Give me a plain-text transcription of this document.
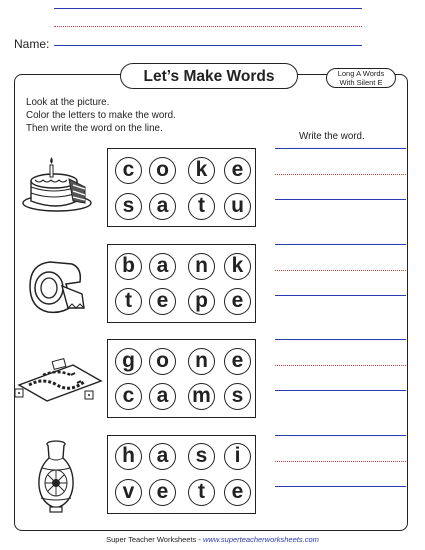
Name:
Let’s Make Words	Long A Words
With Silent E
Look at the picture.
Color the letters to make the word.
Then write the word on the line.
Write the word.
c	o	k	e
s	a	t	u
b	a	n	k
t	e	p	e
g	o	n	e
c	a	m s
h	a	s	i
v	e	t	e
Super Teacher Worksheets - www.superteacherworksheets.com
